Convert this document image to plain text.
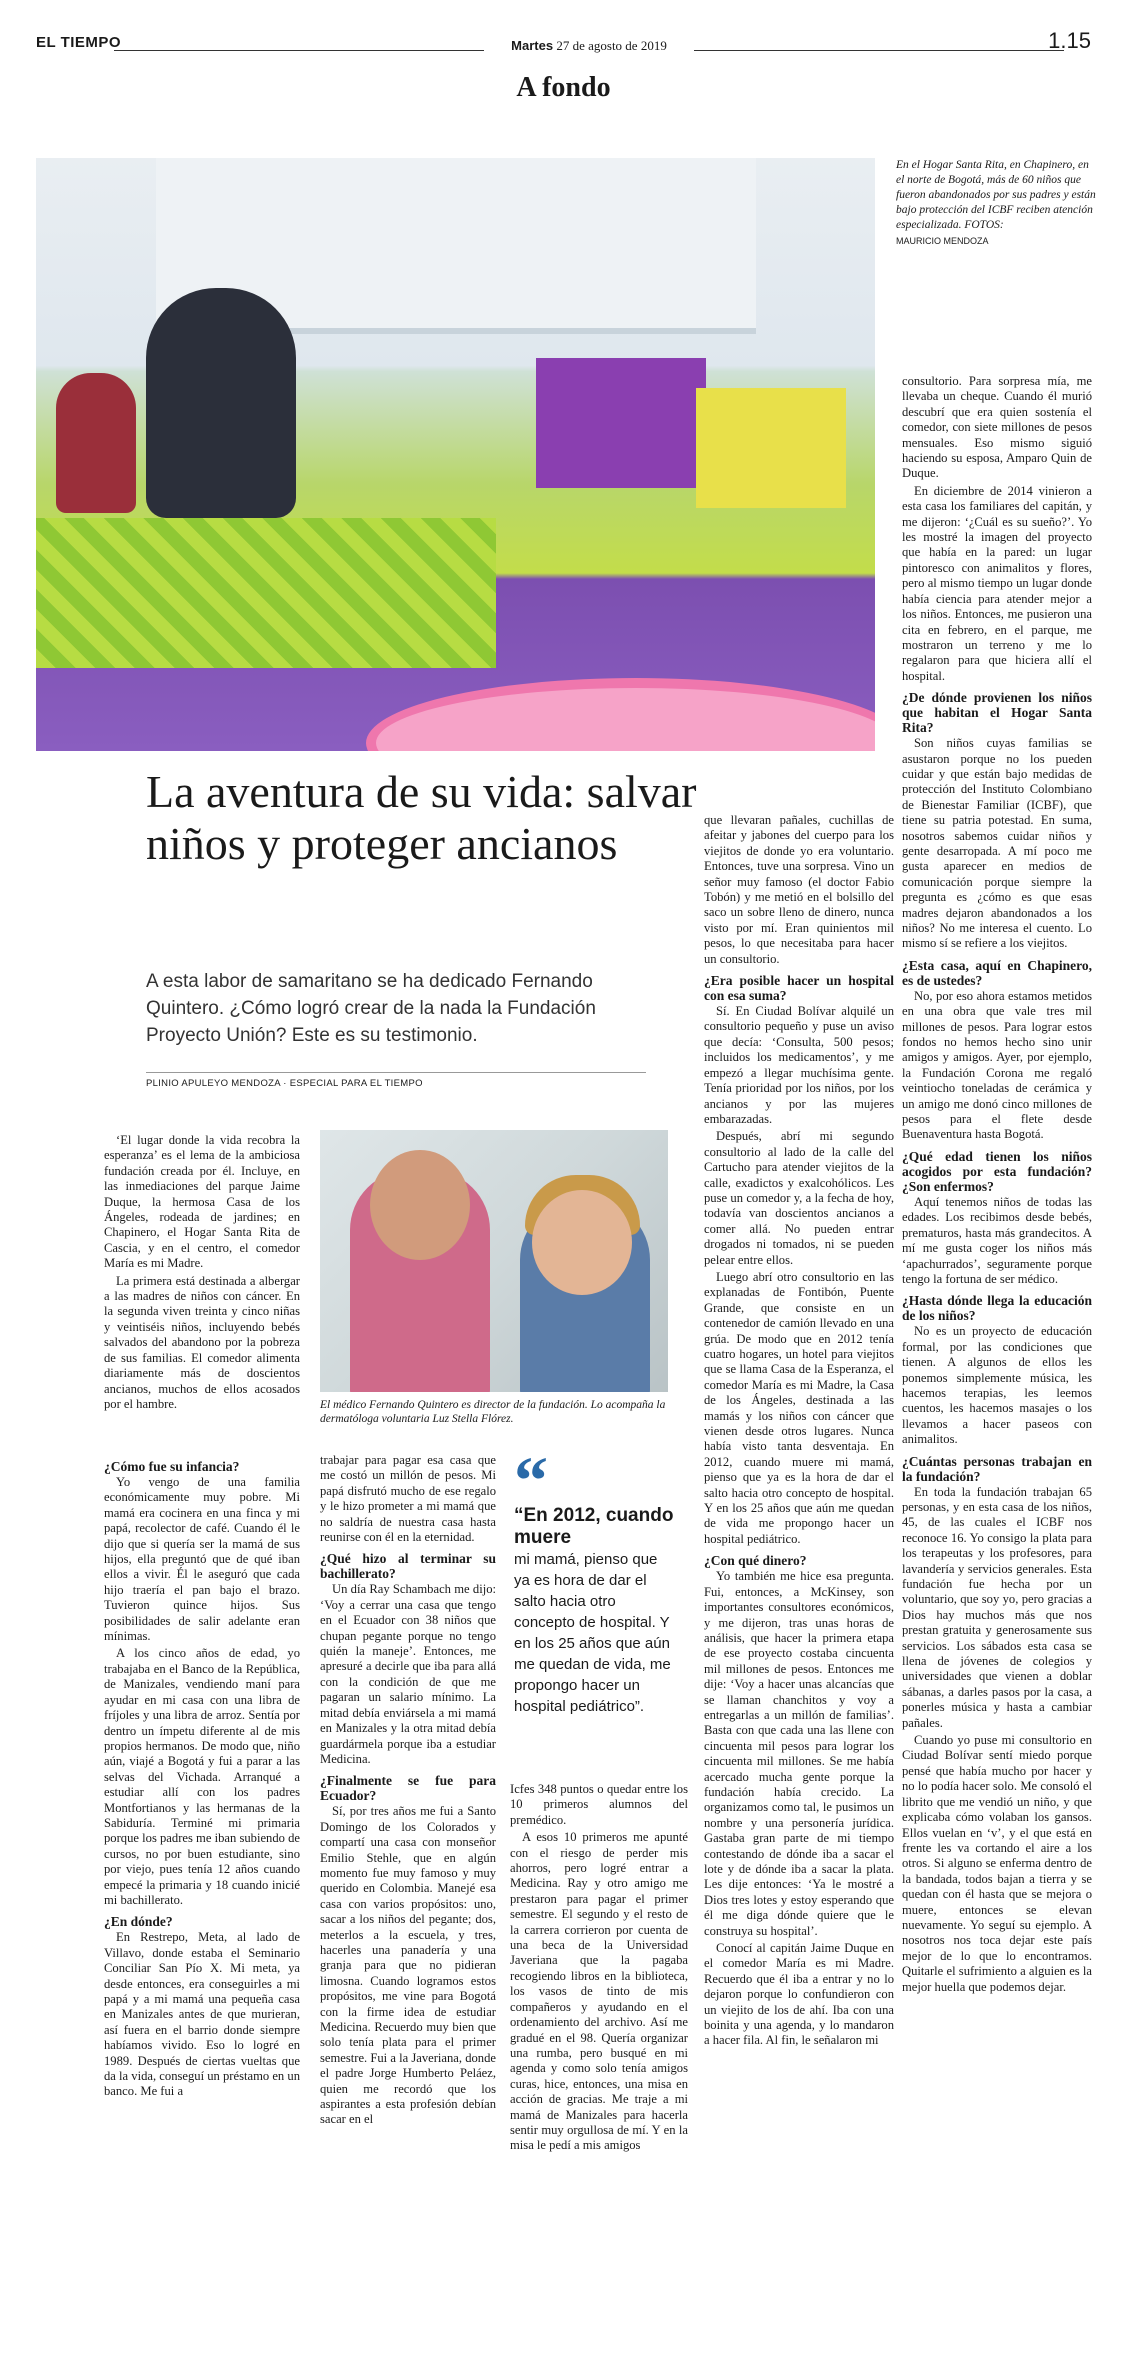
EL TIEMPO	Martes 27 de agosto de 2019	1.15
A fondo
En el Hogar Santa Rita, en Chapinero, en el norte de Bogotá, más de 60 niños que fueron abandonados por sus padres y están bajo protección del ICBF reciben atención especializada. FOTOS:
MAURICIO MENDOZA
La aventura de su vida: salvar niños y proteger ancianos
A esta labor de samaritano se ha dedicado Fernando Quintero. ¿Cómo logró crear de la nada la Fundación Proyecto Unión? Este es su testimonio.
PLINIO APULEYO MENDOZA · ESPECIAL PARA EL TIEMPO

‘El lugar donde la vida recobra la esperanza’ es el lema de la ambiciosa fundación creada por él. Incluye, en las inmediaciones del parque Jaime Duque, la hermosa Casa de los Ángeles, rodeada de jardines; en Chapinero, el Hogar Santa Rita de Cascia, y en el centro, el comedor María es mi Madre.

La primera está destinada a albergar a las madres de niños con cáncer. En la segunda viven treinta y cinco niñas y veintiséis niños, incluyendo bebés salvados del abandono por la pobreza de sus familias. El comedor alimenta diariamente más de doscientos ancianos, muchos de ellos acosados por el hambre.

¿Cómo fue su infancia?

Yo vengo de una familia económicamente muy pobre. Mi mamá era cocinera en una finca y mi papá, recolector de café. Cuando él le dijo que si quería ser la mamá de sus hijos, ella preguntó que de qué iban ellos a vivir. Él le aseguró que cada hijo traería el pan bajo el brazo. Tuvieron quince hijos. Sus posibilidades de salir adelante eran mínimas.

A los cinco años de edad, yo trabajaba en el Banco de la República, de Manizales, vendiendo maní para ayudar en mi casa con una libra de fríjoles y una libra de arroz. Sentía por dentro un ímpetu diferente al de mis propios hermanos. De modo que, niño aún, viajé a Bogotá y fui a parar a las selvas del Vichada. Arranqué a estudiar allí con los padres Montfortianos y las hermanas de la Sabiduría. Terminé mi primaria porque los padres me iban subiendo de cursos, no por buen estudiante, sino por viejo, pues tenía 12 años cuando empecé la primaria y 18 cuando inicié mi bachillerato.

¿En dónde?

En Restrepo, Meta, al lado de Villavo, donde estaba el Seminario Conciliar San Pío X. Mi meta, ya desde entonces, era conseguirles a mi papá y a mi mamá una pequeña casa en Manizales antes de que murieran, así fuera en el barrio donde siempre habíamos vivido. Eso lo logré en 1989. Después de ciertas vueltas que da la vida, conseguí un préstamo en un banco. Me fui a

El médico Fernando Quintero es director de la fundación. Lo acompaña la dermatóloga voluntaria Luz Stella Flórez.

trabajar para pagar esa casa que me costó un millón de pesos. Mi papá disfrutó mucho de ese regalo y le hizo prometer a mi mamá que no saldría de nuestra casa hasta reunirse con él en la eternidad.

¿Qué hizo al terminar su bachillerato?

Un día Ray Schambach me dijo: ‘Voy a cerrar una casa que tengo en el Ecuador con 38 niños que chupan pegante porque no tengo quién la maneje’. Entonces, me apresuré a decirle que iba para allá con la condición de que me pagaran un salario mínimo. La mitad debía enviársela a mi mamá en Manizales y la otra mitad debía guardármela porque iba a estudiar Medicina.

¿Finalmente se fue para Ecuador?

Sí, por tres años me fui a Santo Domingo de los Colorados y compartí una casa con monseñor Emilio Stehle, que en algún momento fue muy famoso y muy querido en Colombia. Manejé esa casa con varios propósitos: uno, sacar a los niños del pegante; dos, meterlos a la escuela, y tres, hacerles una panadería y una granja para que no pidieran limosna. Cuando logramos estos propósitos, me vine para Bogotá con la firme idea de estudiar Medicina. Recuerdo muy bien que solo tenía plata para el primer semestre. Fui a la Javeriana, donde el padre Jorge Humberto Peláez, quien me recordó que los aspirantes a esta profesión debían sacar en el

“
“En 2012, cuando muere
mi mamá, pienso que ya es hora de dar el salto hacia otro concepto de hospital. Y en los 25 años que aún me quedan de vida, me propongo hacer un hospital pediátrico”.

Icfes 348 puntos o quedar entre los 10 primeros alumnos del premédico.

A esos 10 primeros me apunté con el riesgo de perder mis ahorros, pero logré entrar a Medicina. Ray y otro amigo me prestaron para pagar el primer semestre. El segundo y el resto de la carrera corrieron por cuenta de una beca de la Universidad Javeriana que la pagaba recogiendo libros en la biblioteca, los vasos de tinto de mis compañeros y ayudando en el ordenamiento del archivo. Así me gradué en el 98. Quería organizar una rumba, pero busqué en mi agenda y como solo tenía amigos curas, hice, entonces, una misa en acción de gracias. Me traje a mi mamá de Manizales para hacerla sentir muy orgullosa de mí. Y en la misa le pedí a mis amigos

que llevaran pañales, cuchillas de afeitar y jabones del cuerpo para los viejitos de donde yo era voluntario. Entonces, tuve una sorpresa. Vino un señor muy famoso (el doctor Fabio Tobón) y me metió en el bolsillo del saco un sobre lleno de dinero, nunca visto por mí. Eran quinientos mil pesos, lo que necesitaba para hacer un consultorio.

¿Era posible hacer un hospital con esa suma?

Sí. En Ciudad Bolívar alquilé un consultorio pequeño y puse un aviso que decía: ‘Consulta, 500 pesos; incluidos los medicamentos’, y me empezó a llegar muchísima gente. Tenía prioridad por los niños, por los ancianos y por las mujeres embarazadas.

Después, abrí mi segundo consultorio al lado de la calle del Cartucho para atender viejitos de la calle, exadictos y exalcohólicos. Les puse un comedor y, a la fecha de hoy, todavía van doscientos ancianos a comer allá. No pueden entrar drogados ni tomados, ni se pueden pelear entre ellos.

Luego abrí otro consultorio en las explanadas de Fontibón, Puente Grande, que consiste en un contenedor de camión llevado en una grúa. De modo que en 2012 tenía cuatro hogares, un hotel para viejitos que se llama Casa de la Esperanza, el comedor María es mi Madre, la Casa de los Ángeles, destinada a las mamás y los niños con cáncer que vienen desde otros lugares. Nunca había visto tanta desventaja. En 2012, cuando muere mi mamá, pienso que ya es la hora de dar el salto hacia otro concepto de hospital. Y en los 25 años que aún me quedan de vida me propongo hacer un hospital pediátrico.

¿Con qué dinero?

Yo también me hice esa pregunta. Fui, entonces, a McKinsey, son importantes consultores económicos, y me dijeron, tras unas horas de análisis, que hacer la primera etapa de ese proyecto costaba cincuenta mil millones de pesos. Entonces me dije: ‘Voy a hacer unas alcancías que se llaman chanchitos y voy a entregarlas a un millón de familias’. Basta con que cada una las llene con cincuenta mil pesos para lograr los cincuenta mil millones. Se me había acercado mucha gente porque la fundación había crecido. La organizamos como tal, le pusimos un nombre y una personería jurídica. Gastaba gran parte de mi tiempo contestando de dónde iba a sacar el lote y de dónde iba a sacar la plata. Les dije entonces: ‘Ya le mostré a Dios tres lotes y estoy esperando que él me diga dónde quiere que le construya su hospital’.

Conocí al capitán Jaime Duque en el comedor María es mi Madre. Recuerdo que él iba a entrar y no lo dejaron porque lo confundieron con un viejito de los de ahí. Iba con una boinita y una agenda, y lo mandaron a hacer fila. Al fin, le señalaron mi

consultorio. Para sorpresa mía, me llevaba un cheque. Cuando él murió descubrí que era quien sostenía el comedor, con siete millones de pesos mensuales. Eso mismo siguió haciendo su esposa, Amparo Quin de Duque.

En diciembre de 2014 vinieron a esta casa los familiares del capitán, y me dijeron: ‘¿Cuál es su sueño?’. Yo les mostré la imagen del proyecto que había en la pared: un lugar pintoresco con animalitos y flores, pero al mismo tiempo un lugar donde había ciencia para atender mejor a los niños. Entonces, me pusieron una cita en febrero, en el parque, me mostraron un terreno y me lo regalaron para que hiciera allí el hospital.

¿De dónde provienen los niños que habitan el Hogar Santa Rita?

Son niños cuyas familias se asustaron porque no los pueden cuidar y que están bajo medidas de protección del Instituto Colombiano de Bienestar Familiar (ICBF), que tiene su patria potestad. En suma, nosotros sabemos cuidar niños y gente desarropada. A mí poco me gusta aparecer en medios de comunicación porque siempre la pregunta es ¿cómo es que esas madres dejaron abandonados a los niños? No me interesa el cuento. Lo mismo sí se refiere a los viejitos.

¿Esta casa, aquí en Chapinero, es de ustedes?

No, por eso ahora estamos metidos en una obra que vale tres mil millones de pesos. Para lograr estos fondos no hemos hecho sino unir amigos y amigos. Ayer, por ejemplo, la Fundación Corona me regaló veintiocho toneladas de cerámica y un amigo me donó cinco millones de pesos para el flete desde Buenaventura hasta Bogotá.

¿Qué edad tienen los niños acogidos por esta fundación? ¿Son enfermos?

Aquí tenemos niños de todas las edades. Los recibimos desde bebés, prematuros, hasta más grandecitos. A mí me gusta coger los niños más ‘apachurrados’, seguramente porque tengo la fortuna de ser médico.

¿Hasta dónde llega la educación de los niños?

No es un proyecto de educación formal, por las condiciones que tienen. A algunos de ellos les ponemos simplemente música, les hacemos terapias, les leemos cuentos, les hacemos masajes o los llevamos a hacer paseos con animalitos.

¿Cuántas personas trabajan en la fundación?

En toda la fundación trabajan 65 personas, y en esta casa de los niños, 45, de las cuales el ICBF nos reconoce 16. Yo consigo la plata para los terapeutas y los profesores, para lavandería y servicios generales. Esta fundación fue hecha por un voluntario, que soy yo, pero gracias a Dios hay muchos más que nos prestan gratuita y generosamente sus servicios. Los sábados esta casa se llena de jóvenes de colegios y universidades que vienen a doblar sábanas, a darles pasos por la casa, a ponerles música y hasta a cambiar pañales.

Cuando yo puse mi consultorio en Ciudad Bolívar sentí miedo porque pensé que había mucho por hacer y no lo podía hacer solo. Me consoló el librito que me vendió un niño, y que explicaba cómo volaban los gansos. Ellos vuelan en ‘v’, y el que está en frente les va cortando el aire a los otros. Si alguno se enferma dentro de la bandada, todos bajan a tierra y se quedan con él hasta que se mejora o muere, entonces se elevan nuevamente. Yo seguí su ejemplo. A nosotros nos toca dejar este país mejor de lo que lo encontramos. Quitarle el sufrimiento a alguien es la mejor huella que podemos dejar.
